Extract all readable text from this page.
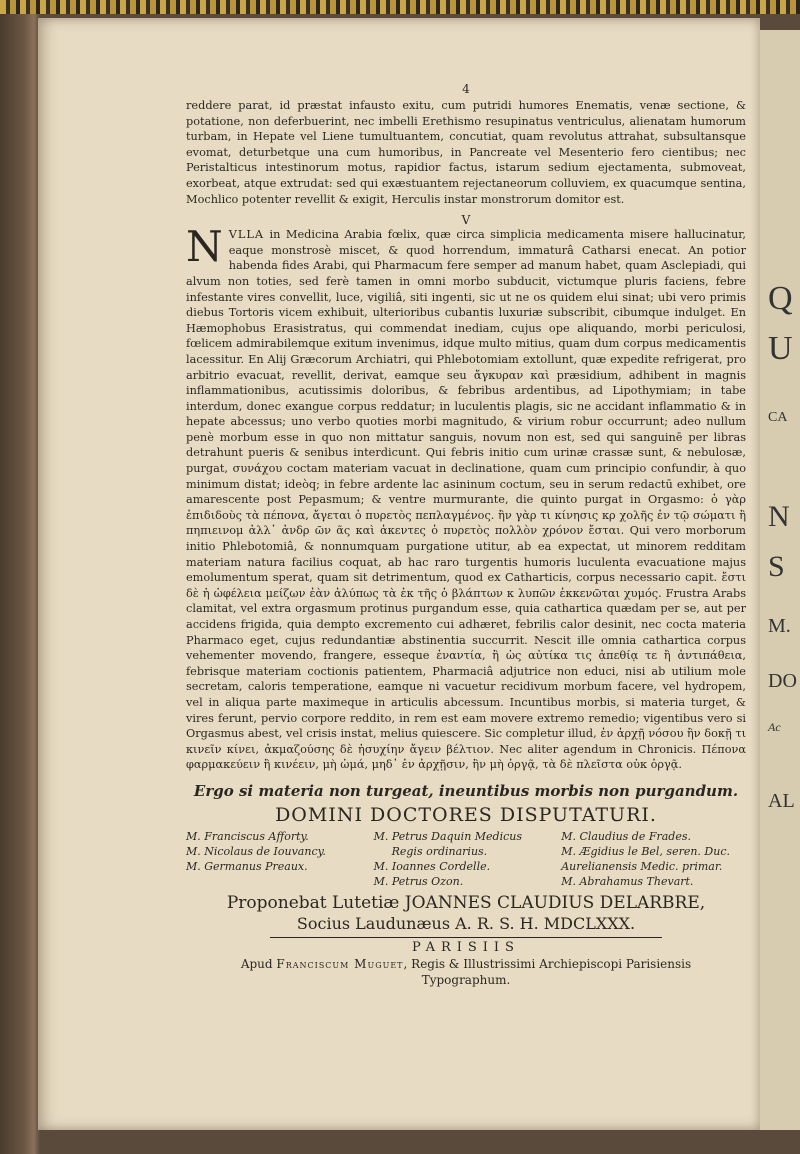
Q
U
CA
N
S
M.
DO
Ac
AL
4

reddere parat, id præstat infausto exitu, cum putridi humores Enematis, venæ sectione, & potatione, non deferbuerint, nec imbelli Erethismo resupinatus ventriculus, alienatam humorum turbam, in Hepate vel Liene tumultuantem, concutiat, quam revolutus attrahat, subsultansque evomat, deturbetque una cum humoribus, in Pancreate vel Mesenterio fero cientibus; nec Peristalticus intestinorum motus, rapidior factus, istarum sedium ejectamenta, submoveat, exorbeat, atque extrudat: sed qui exæstuantem rejectaneorum colluviem, ex quacumque sentina, Mochlico potenter revellit & exigit, Herculis instar monstrorum domitor est.

V

NVLLA in Medicina Arabia fœlix, quæ circa simplicia medicamenta misere hallucinatur, eaque monstrosè miscet, & quod horrendum, immaturâ Catharsi enecat. An potior habenda fides Arabi, qui Pharmacum fere semper ad manum habet, quam Asclepiadi, qui alvum non toties, sed ferè tamen in omni morbo subducit, victumque pluris faciens, febre infestante vires convellit, luce, vigiliâ, siti ingenti, sic ut ne os quidem elui sinat; ubi vero primis diebus Tortoris vicem exhibuit, ulterioribus cubantis luxuriæ subscribit, cibumque indulget. En Hæmophobus Erasistratus, qui commendat inediam, cujus ope aliquando, morbi periculosi, fœlicem admirabilemque exitum invenimus, idque multo mitius, quam dum corpus medicamentis lacessitur. En Alij Græcorum Archiatri, qui Phlebotomiam extollunt, quæ expedite refrigerat, pro arbitrio evacuat, revellit, derivat, eamque seu ἄγκυραν καὶ præsidium, adhibent in magnis inflammationibus, acutissimis doloribus, & febribus ardentibus, ad Lipothymiam; in tabe interdum, donec exangue corpus reddatur; in luculentis plagis, sic ne accidant inflammatio & in hepate abcessus; uno verbo quoties morbi magnitudo, & virium robur occurrunt; adeo nullum penè morbum esse in quo non mittatur sanguis, novum non est, sed qui sanguinē per libras detrahunt pueris & senibus interdicunt. Qui febris initio cum urinæ crassæ sunt, & nebulosæ, purgat, συνάχου coctam materiam vacuat in declinatione, quam cum principio confundir, à quo minimum distat; ideòq; in febre ardente lac asininum coctum, seu in serum redactū exhibet, ore amarescente post Pepasmum; & ventre murmurante, die quinto purgat in Orgasmo: ὁ γὰρ ἐπιδιδοὺς τὰ πέπονα, ἄγεται ὁ πυρετὸς πεπλαγμένος. ἢν γὰρ τι κίνησις κρ χολῆς ἐν τῷ σώματι ἢ πηπιεινομ ἀλλ᾽ ἀνδρ ῶν ᾶς καὶ ἀκεντες ὁ πυρετὸς πολλὸν χρόνον ἔσται. Qui vero morborum initio Phlebotomiâ, & nonnumquam purgatione utitur, ab ea expectat, ut minorem redditam materiam natura facilius coquat, ab hac raro turgentis humoris luculenta evacuatione majus emolumentum sperat, quam sit detrimentum, quod ex Catharticis, corpus necessario capit. ἔστι δὲ ἡ ὠφέλεια μείζων ἐὰν ἀλύπως τὰ ἐκ τῆς ὁ βλάπτων κ λυπῶν ἐκκενῶται χυμός. Frustra Arabs clamitat, vel extra orgasmum protinus purgandum esse, quia cathartica quædam per se, aut per accidens frigida, quia dempto excremento cui adhæret, febrilis calor desinit, nec cocta materia Pharmaco eget, cujus redundantiæ abstinentia succurrit. Nescit ille omnia cathartica corpus vehementer movendo, frangere, esseque ἐναντία, ἢ ὡς αὐτίκα τις ἀπεθίᾳ τε ἢ ἀντιπάθεια, febrisque materiam coctionis patientem, Pharmaciâ adjutrice non educi, nisi ab utilium mole secretam, caloris temperatione, eamque ni vacuetur recidivum morbum facere, vel hydropem, vel in aliqua parte maximeque in articulis abcessum. Incuntibus morbis, si materia turget, & vires ferunt, pervio corpore reddito, in rem est eam movere extremo remedio; vigentibus vero si Orgasmus abest, vel crisis instat, melius quiescere. Sic completur illud, ἐν ἀρχῇ νόσου ἢν δοκῇ τι κινεῖν κίνει, ἀκμαζούσης δὲ ἡσυχίην ἄγειν βέλτιον. Nec aliter agendum in Chronicis. Πέπονα φαρμακεύειν ἢ κινέειν, μὴ ὠμά, μηδ᾽ ἐν ἀρχῇσιν, ἢν μὴ ὀργᾷ, τὰ δὲ πλεῖστα οὐκ ὀργᾷ.

Ergo si materia non turgeat, ineuntibus morbis non purgandum.
DOMINI DOCTORES DISPUTATURI.
M. Franciscus Afforty.
M. Nicolaus de Iouvancy.
M. Germanus Preaux.
M. Petrus Daquin Medicus
Regis ordinarius.
M. Ioannes Cordelle.
M. Petrus Ozon.
M. Claudius de Frades.
M. Ægidius le Bel, seren. Duc.
Aurelianensis Medic. primar.
M. Abrahamus Thevart.
Proponebat Lutetiæ JOANNES CLAUDIUS DELARBRE,
Socius Laudunæus A. R. S. H. MDCLXXX.
PARISIIS
Apud Franciscum Muguet, Regis & Illustrissimi Archiepiscopi Parisiensis
Typographum.
